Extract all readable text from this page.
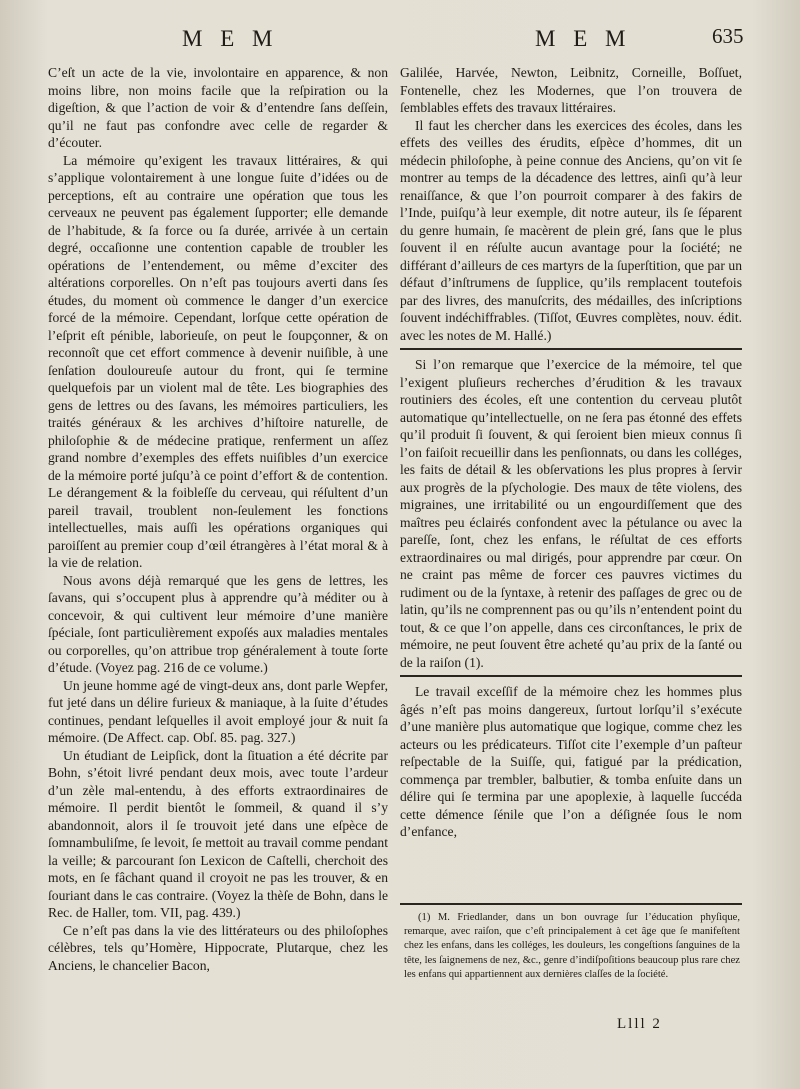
M E M	M E M	635

C’eſt un acte de la vie, involontaire en apparence, & non moins libre, non moins facile que la reſpiration ou la digeſtion, & que l’action de voir & d’entendre ſans deſſein, qu’il ne faut pas confondre avec celle de regarder & d’écouter.

La mémoire qu’exigent les travaux littéraires, & qui s’applique volontairement à une longue ſuite d’idées ou de perceptions, eſt au contraire une opération que tous les cerveaux ne peuvent pas également ſupporter; elle demande de l’habitude, & ſa force ou ſa durée, arrivée à un certain degré, occaſionne une contention capable de troubler les opérations de l’entendement, ou même d’exciter des altérations corporelles. On n’eſt pas toujours averti dans ſes études, du moment où commence le danger d’un exercice forcé de la mémoire. Cependant, lorſque cette opération de l’eſprit eſt pénible, laborieuſe, on peut le ſoupçonner, & on reconnoît que cet effort commence à devenir nuiſible, à une ſenſation douloureuſe autour du front, qui ſe termine quelquefois par un violent mal de tête. Les biographies des gens de lettres ou des ſavans, les mémoires particuliers, les traités généraux & les archives d’hiſtoire naturelle, de philoſophie & de médecine pratique, renferment un aſſez grand nombre d’exemples des effets nuiſibles d’un exercice de la mémoire porté juſqu’à ce point d’effort & de contention. Le dérangement & la foibleſſe du cerveau, qui réſultent d’un pareil travail, troublent non-ſeulement les fonctions intellectuelles, mais auſſi les opérations organiques qui paroiſſent au premier coup d’œil étrangères à l’état moral & à la vie de relation.

Nous avons déjà remarqué que les gens de lettres, les ſavans, qui s’occupent plus à apprendre qu’à méditer ou à concevoir, & qui cultivent leur mémoire d’une manière ſpéciale, ſont particulièrement expoſés aux maladies mentales ou corporelles, qu’on attribue trop généralement à toute ſorte d’étude. (Voyez pag. 216 de ce volume.)

Un jeune homme agé de vingt-deux ans, dont parle Wepfer, fut jeté dans un délire furieux & maniaque, à la ſuite d’études continues, pendant leſquelles il avoit employé jour & nuit ſa mémoire. (De Affect. cap. Obſ. 85. pag. 327.)

Un étudiant de Leipſick, dont la ſituation a été décrite par Bohn, s’étoit livré pendant deux mois, avec toute l’ardeur d’un zèle mal-entendu, à des efforts extraordinaires de mémoire. Il perdit bientôt le ſommeil, & quand il s’y abandonnoit, alors il ſe trouvoit jeté dans une eſpèce de ſomnambuliſme, ſe levoit, ſe mettoit au travail comme pendant la veille; & parcourant ſon Lexicon de Caſtelli, cherchoit des mots, en ſe fâchant quand il croyoit ne pas les trouver, & en ſouriant dans le cas contraire. (Voyez la thèſe de Bohn, dans le Rec. de Haller, tom. VII, pag. 439.)

Ce n’eſt pas dans la vie des littérateurs ou des philoſophes célèbres, tels qu’Homère, Hippocrate, Plutarque, chez les Anciens, le chancelier Bacon,

Galilée, Harvée, Newton, Leibnitz, Corneille, Boſſuet, Fontenelle, chez les Modernes, que l’on trouvera de ſemblables effets des travaux littéraires.

Il faut les chercher dans les exercices des écoles, dans les effets des veilles des érudits, eſpèce d’hommes, dit un médecin philoſophe, à peine connue des Anciens, qu’on vit ſe montrer au temps de la décadence des lettres, ainſi qu’à leur renaiſſance, & que l’on pourroit comparer à des fakirs de l’Inde, puiſqu’à leur exemple, dit notre auteur, ils ſe ſéparent du genre humain, ſe macèrent de plein gré, ſans que le plus ſouvent il en réſulte aucun avantage pour la ſociété; ne différant d’ailleurs de ces martyrs de la ſuperſtition, que par un défaut d’inſtrumens de ſupplice, qu’ils remplacent toutefois par des livres, des manuſcrits, des médailles, des inſcriptions ſouvent indéchiffrables. (Tiſſot, Œuvres complètes, nouv. édit. avec les notes de M. Hallé.)

Si l’on remarque que l’exercice de la mémoire, tel que l’exigent pluſieurs recherches d’érudition & les travaux routiniers des écoles, eſt une contention du cerveau plutôt automatique qu’intellectuelle, on ne ſera pas étonné des effets qu’il produit ſi ſouvent, & qui ſeroient bien mieux connus ſi l’on faiſoit recueillir dans les penſionnats, ou dans les colléges, les faits de détail & les obſervations les plus propres à ſervir aux progrès de la pſychologie. Des maux de tête violens, des migraines, une irritabilité ou un engourdiſſement que des maîtres peu éclairés confondent avec la pétulance ou avec la pareſſe, ſont, chez les enfans, le réſultat de ces efforts extraordinaires ou mal dirigés, pour apprendre par cœur. On ne craint pas même de forcer ces pauvres victimes du rudiment ou de la ſyntaxe, à retenir des paſſages de grec ou de latin, qu’ils ne comprennent pas ou qu’ils n’entendent point du tout, & ce que l’on appelle, dans ces circonſtances, le prix de mémoire, ne peut ſouvent être acheté qu’au prix de la ſanté ou de la raiſon (1).

Le travail exceſſif de la mémoire chez les hommes plus âgés n’eſt pas moins dangereux, ſurtout lorſqu’il s’exécute d’une manière plus automatique que logique, comme chez les acteurs ou les prédicateurs. Tiſſot cite l’exemple d’un paſteur reſpectable de la Suiſſe, qui, fatigué par la prédication, commença par trembler, balbutier, & tomba enſuite dans un délire qui ſe termina par une apoplexie, à laquelle ſuccéda cette démence ſénile que l’on a déſignée ſous le nom d’enfance,

(1) M. Friedlander, dans un bon ouvrage ſur l’éducation phyſique, remarque, avec raiſon, que c’eſt principalement à cet âge que ſe manifeſtent chez les enfans, dans les colléges, les douleurs, les congeſtions ſanguines de la tête, les ſaignemens de nez, &c., genre d’indiſpoſitions beaucoup plus rare chez les enfans qui appartiennent aux dernières claſſes de la ſociété.

Llll 2
